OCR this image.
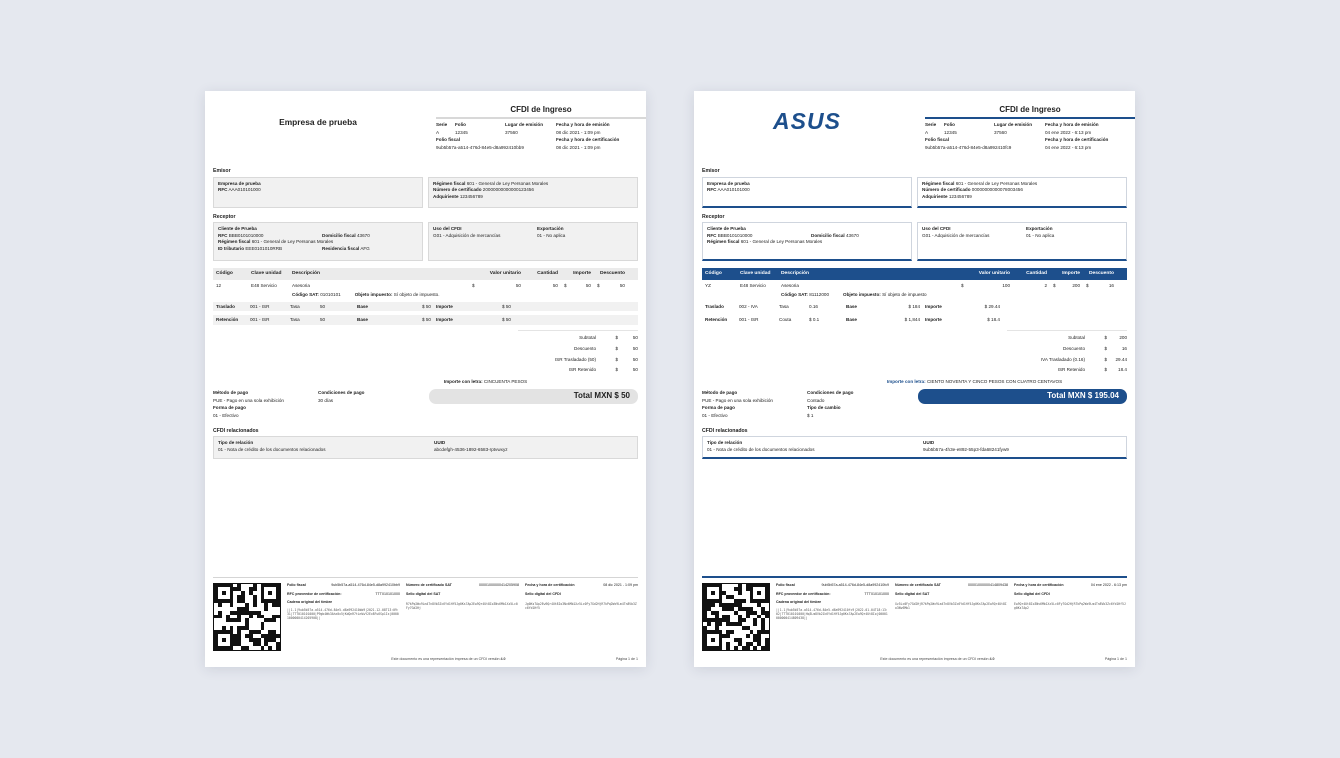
Empresa de prueba
CFDI de Ingreso
Serie	Folio	Lugar de emisión	Fecha y hora de emisión
A	12345	37560	08 dic 2021 - 1:09 pm
Folio fiscal	Fecha y hora de certificación
9ub5b57a-a514-476d-84e5-d8a992410bb9	08 dic 2021 - 1:09 pm
Emisor
Empresa de prueba
RFC AAA010101000
Régimen fiscal 601 - General de Ley Personas Morales
Número de certificado 20000000000000123456
Adquiriente 123456789
Receptor
Cliente de Prueba
RFC BBB0101010000	Domicilio fiscal 43670
Régimen fiscal 601 - General de Ley Personas Morales
ID tributario EEE0101010RRB	Residencia fiscal AFG
Uso del CFDI	Exportación
G01 - Adquisición de mercancías	01 - No aplica
Código	Clave unidad	Descripción	Valor unitario	Cantidad	Importe	Descuento
12	E48 Servicio	Asesoria	$	50	50 $	50 $	50
Código SAT: 01010101	Objeto impuesto: Sí objeto de impuesto.
Traslado	001 - ISR	Tasa	50	Base	$ 50	Importe	$ 50
Retención	001 - ISR	Tasa	50	Base	$ 50	Importe	$ 50
Subtotal	$	50
Descuento	$	50
ISR Trasladado (50)	$	50
ISR Retenido	$	50
Importe con letra: CINCUENTA PESOS
Método de pago	Condiciones de pago
PUE - Pago en una sola exhibición	30 días
Forma de pago
01 - Efectivo
Total MXN $ 50
CFDI relacionados
Tipo de relación	UUID
01 - Nota de crédito de los documentos relacionados	abcdefgh-4536-1892-6583-rptvwxyz
Folio fiscal	9ub5b57a-a514-476d-84e5-d8a992410bb9 Número de certificado SAT	00001000000414205908 Fecha y hora de certificación	08 dic 2021 - 1:09 pm
RFC proveedor de certificación:	TTT010101000 Sello digital del SAT	Sello digital del CFDI
Cadena original del timbre
||1.1|9ub5b57a-a514-476d-84e5-d8a992410bb9|2021-12-08T13:09:31|TTT010101000|P9gb4Wk3Ahz0x5jKdQnR7tLmVwY2Ec8Fu6Sp1Ix|00001000000414205908||
R7kPq2Wx9Lm4Tn8Vb3Zc6Yd1Hf5Jg0Ks7Ap2Ew9Qr4Ut8Io3Nv6Mb1Xz5Lc0Fy7Gd2Hj
Jg0Ks7Ap2Ew9Qr4Ut8Io3Nv6Mb1Xz5Lc0Fy7Gd2HjR7kPq2Wx9Lm4Tn8Vb3Zc6Yd1Hf5
Este documento es una representación impresa de un CFDI versión 4.0	Página 1 de 1
ASUS	CFDI de Ingreso
Serie	Folio	Lugar de emisión	Fecha y hora de emisión
A	12345	37560	04 ene 2022 - 6:13 pm
Folio fiscal	Fecha y hora de certificación
9ub5b57a-a514-476d-84e5-d8a992410fc9	04 ene 2022 - 6:13 pm
Emisor
Empresa de prueba
RFC AAA010101000
Régimen fiscal 601 - General de Ley Personas Morales
Número de certificado 00000000000078003456
Adquiriente 123456789
Receptor
Cliente de Prueba
RFC BBB0101010000	Domicilio fiscal 43670
Régimen fiscal 601 - General de Ley Personas Morales
Uso del CFDI	Exportación
G01 - Adquisición de mercancías	01 - No aplica
Código	Clave unidad	Descripción	Valor unitario	Cantidad	Importe	Descuento
YZ	E48 Servicio	Asesoria	$	100	2 $	200 $	16
Código SAT: 81112000	Objeto impuesto: Sí objeto de impuesto
Traslado	002 - IVA	Tasa	0.16	Base	$ 184	Importe	$ 29.44
Retención	001 - ISR	Couta	$ 0.1	Base	$ 1,844	Importe	$ 18.4
Subtotal	$	200
Descuento	$	16
IVA Trasladado (0.16)	$	29.44
ISR Retenido	$	18.4
Importe con letra: CIENTO NOVENTA Y CINCO PESOS CON CUATRO CENTAVOS
Método de pago	Condiciones de pago
PUE - Pago en una sola exhibición	Contado
Forma de pago	Tipo de cambio
01 - Efectivo	$ 1
Total MXN $ 195.04
CFDI relacionados
Tipo de relación	UUID
01 - Nota de crédito de los documentos relacionados	9ub5b57a-4h3e-e892-55p3-fda68241fyw9
Folio fiscal	9ub5b57a-a514-476d-84e5-d8a992410fc9 Número de certificado SAT	00001000000414809438 Fecha y hora de certificación	04 ene 2022 - 6:13 pm
RFC proveedor de certificación:	TTT010101000 Sello digital del SAT	Sello digital del CFDI
Cadena original del timbre
||1.1|9ub5b57a-a514-476d-84e5-d8a992410fc9|2022-01-04T18:13:02|TTT010101000|Hq3Lm8Vb2Zc6Yd1Hf5Jg0Ks7Ap2Ew9Qr4Ut8Io|00001000000414809438||
Xz5Lc0Fy7Gd2HjR7kPq2Wx9Lm4Tn8Vb3Zc6Yd1Hf5Jg0Ks7Ap2Ew9Qr4Ut8Io3Nv6Mb1
Ew9Qr4Ut8Io3Nv6Mb1Xz5Lc0Fy7Gd2HjR7kPq2Wx9Lm4Tn8Vb3Zc6Yd1Hf5Jg0Ks7Ap2
Este documento es una representación impresa de un CFDI versión 4.0	Página 1 de 1
